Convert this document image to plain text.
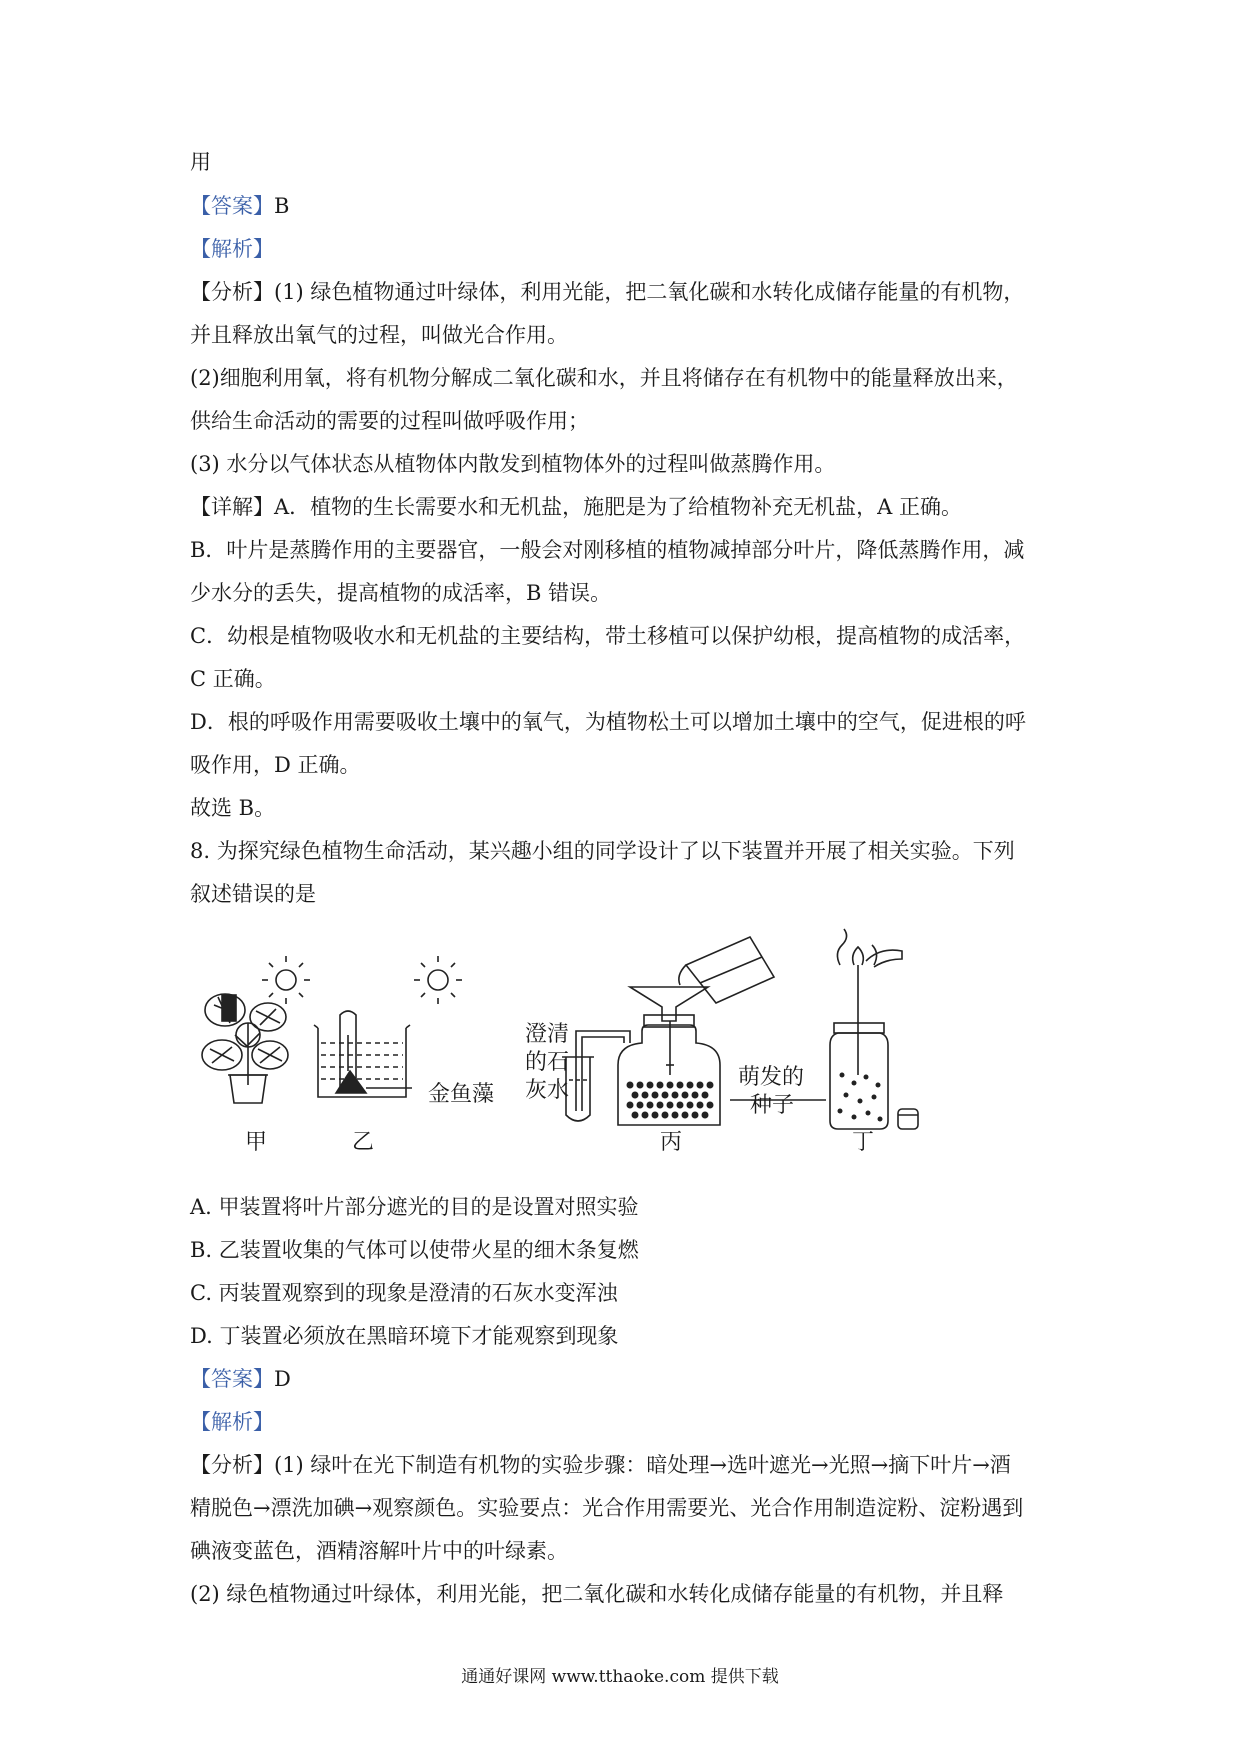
用
【答案】B
【解析】
【分析】(1) 绿色植物通过叶绿体，利用光能，把二氧化碳和水转化成储存能量的有机物，
并且释放出氧气的过程，叫做光合作用。
(2)细胞利用氧，将有机物分解成二氧化碳和水，并且将储存在有机物中的能量释放出来，
供给生命活动的需要的过程叫做呼吸作用；
(3) 水分以气体状态从植物体内散发到植物体外的过程叫做蒸腾作用。
【详解】A．植物的生长需要水和无机盐，施肥是为了给植物补充无机盐，A 正确。
B．叶片是蒸腾作用的主要器官，一般会对刚移植的植物减掉部分叶片，降低蒸腾作用，减
少水分的丢失，提高植物的成活率，B 错误。
C．幼根是植物吸收水和无机盐的主要结构，带土移植可以保护幼根，提高植物的成活率，
C 正确。
D．根的呼吸作用需要吸收土壤中的氧气，为植物松土可以增加土壤中的空气，促进根的呼
吸作用，D 正确。
故选 B。
8. 为探究绿色植物生命活动，某兴趣小组的同学设计了以下装置并开展了相关实验。下列
叙述错误的是
金鱼藻
澄清
的石
灰水
萌发的
种子
甲	乙	丙	丁
A. 甲装置将叶片部分遮光的目的是设置对照实验
B. 乙装置收集的气体可以使带火星的细木条复燃
C. 丙装置观察到的现象是澄清的石灰水变浑浊
D. 丁装置必须放在黑暗环境下才能观察到现象
【答案】D
【解析】
【分析】(1) 绿叶在光下制造有机物的实验步骤：暗处理→选叶遮光→光照→摘下叶片→酒
精脱色→漂洗加碘→观察颜色。实验要点：光合作用需要光、光合作用制造淀粉、淀粉遇到
碘液变蓝色，酒精溶解叶片中的叶绿素。
(2) 绿色植物通过叶绿体，利用光能，把二氧化碳和水转化成储存能量的有机物，并且释
通通好课网 www.tthaoke.com 提供下载
